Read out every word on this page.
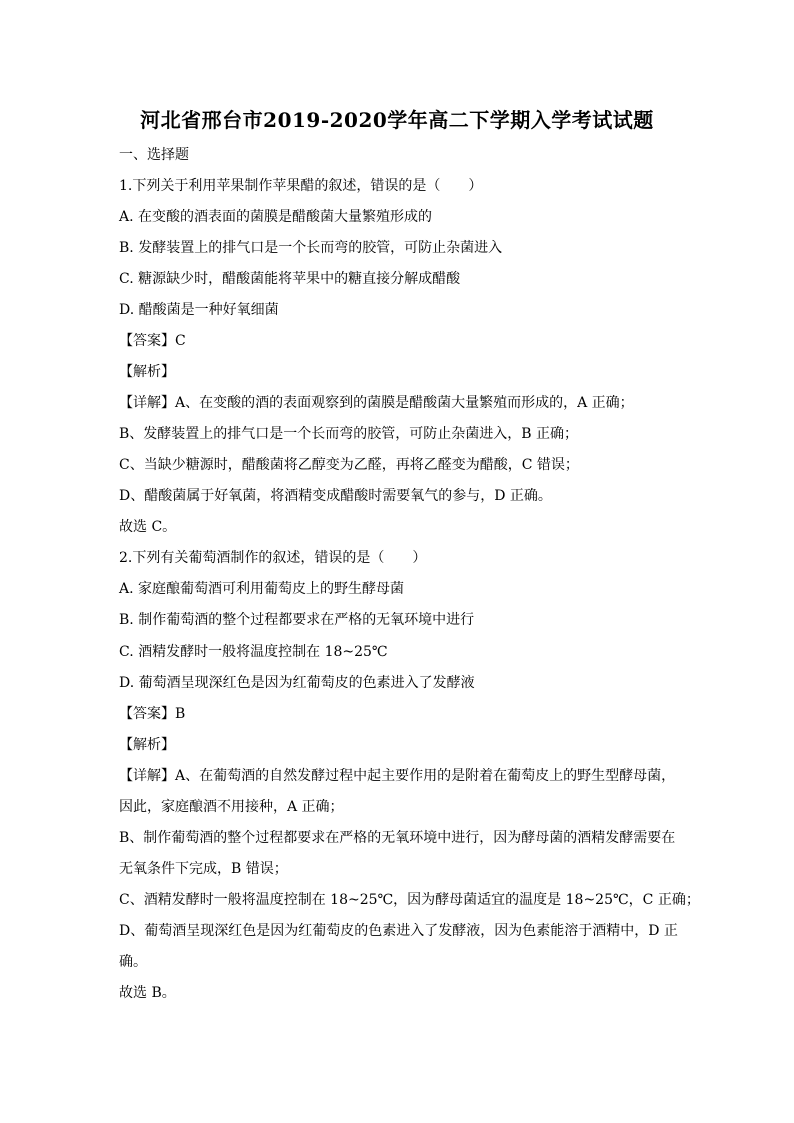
河北省邢台市2019-2020学年高二下学期入学考试试题
一、选择题
1.下列关于利用苹果制作苹果醋的叙述，错误的是（　　）
A. 在变酸的酒表面的菌膜是醋酸菌大量繁殖形成的
B. 发酵装置上的排气口是一个长而弯的胶管，可防止杂菌进入
C. 糖源缺少时，醋酸菌能将苹果中的糖直接分解成醋酸
D. 醋酸菌是一种好氧细菌
【答案】C
【解析】
【详解】A、在变酸的酒的表面观察到的菌膜是醋酸菌大量繁殖而形成的，A 正确；
B、发酵装置上的排气口是一个长而弯的胶管，可防止杂菌进入，B 正确；
C、当缺少糖源时，醋酸菌将乙醇变为乙醛，再将乙醛变为醋酸，C 错误；
D、醋酸菌属于好氧菌，将酒精变成醋酸时需要氧气的参与，D 正确。
故选 C。
2.下列有关葡萄酒制作的叙述，错误的是（　　）
A. 家庭酿葡萄酒可利用葡萄皮上的野生酵母菌
B. 制作葡萄酒的整个过程都要求在严格的无氧环境中进行
C. 酒精发酵时一般将温度控制在 18~25℃
D. 葡萄酒呈现深红色是因为红葡萄皮的色素进入了发酵液
【答案】B
【解析】
【详解】A、在葡萄酒的自然发酵过程中起主要作用的是附着在葡萄皮上的野生型酵母菌，
因此，家庭酿酒不用接种，A 正确；
B、制作葡萄酒的整个过程都要求在严格的无氧环境中进行，因为酵母菌的酒精发酵需要在
无氧条件下完成，B 错误；
C、酒精发酵时一般将温度控制在 18~25℃，因为酵母菌适宜的温度是 18~25℃，C 正确；
D、葡萄酒呈现深红色是因为红葡萄皮的色素进入了发酵液，因为色素能溶于酒精中，D 正
确。
故选 B。
